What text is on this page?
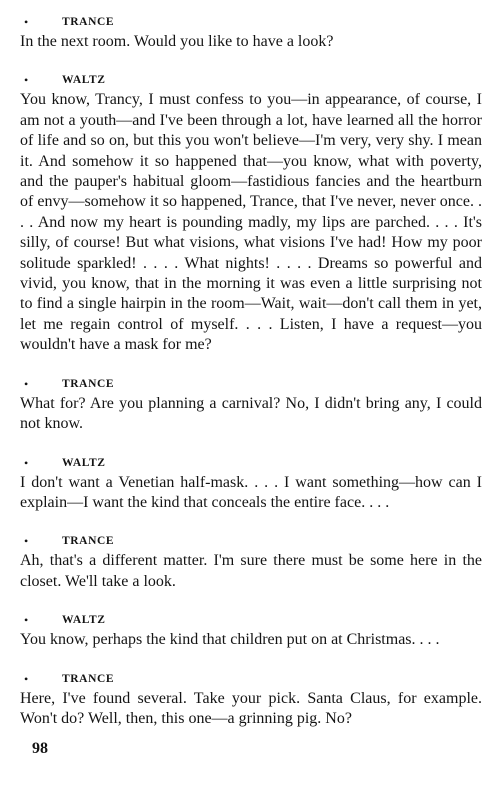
•	TRANCE

In the next room. Would you like to have a look?

•	WALTZ

You know, Trancy, I must confess to you—in appearance, of course, I am not a youth—and I've been through a lot, have learned all the horror of life and so on, but this you won't believe—I'm very, very shy. I mean it. And somehow it so happened that—you know, what with poverty, and the pauper's habitual gloom—fastidious fancies and the heartburn of envy—somehow it so happened, Trance, that I've never, never once. . . . And now my heart is pounding madly, my lips are parched. . . . It's silly, of course! But what visions, what visions I've had! How my poor solitude sparkled! . . . . What nights! . . . . Dreams so powerful and vivid, you know, that in the morning it was even a little surprising not to find a single hairpin in the room—Wait, wait—don't call them in yet, let me regain control of myself. . . . Listen, I have a request—you wouldn't have a mask for me?

•	TRANCE

What for? Are you planning a carnival? No, I didn't bring any, I could not know.

•	WALTZ

I don't want a Venetian half-mask. . . . I want something—how can I explain—I want the kind that conceals the entire face. . . .

•	TRANCE

Ah, that's a different matter. I'm sure there must be some here in the closet. We'll take a look.

•	WALTZ

You know, perhaps the kind that children put on at Christmas. . . .

•	TRANCE

Here, I've found several. Take your pick. Santa Claus, for example. Won't do? Well, then, this one—a grinning pig. No?

98
